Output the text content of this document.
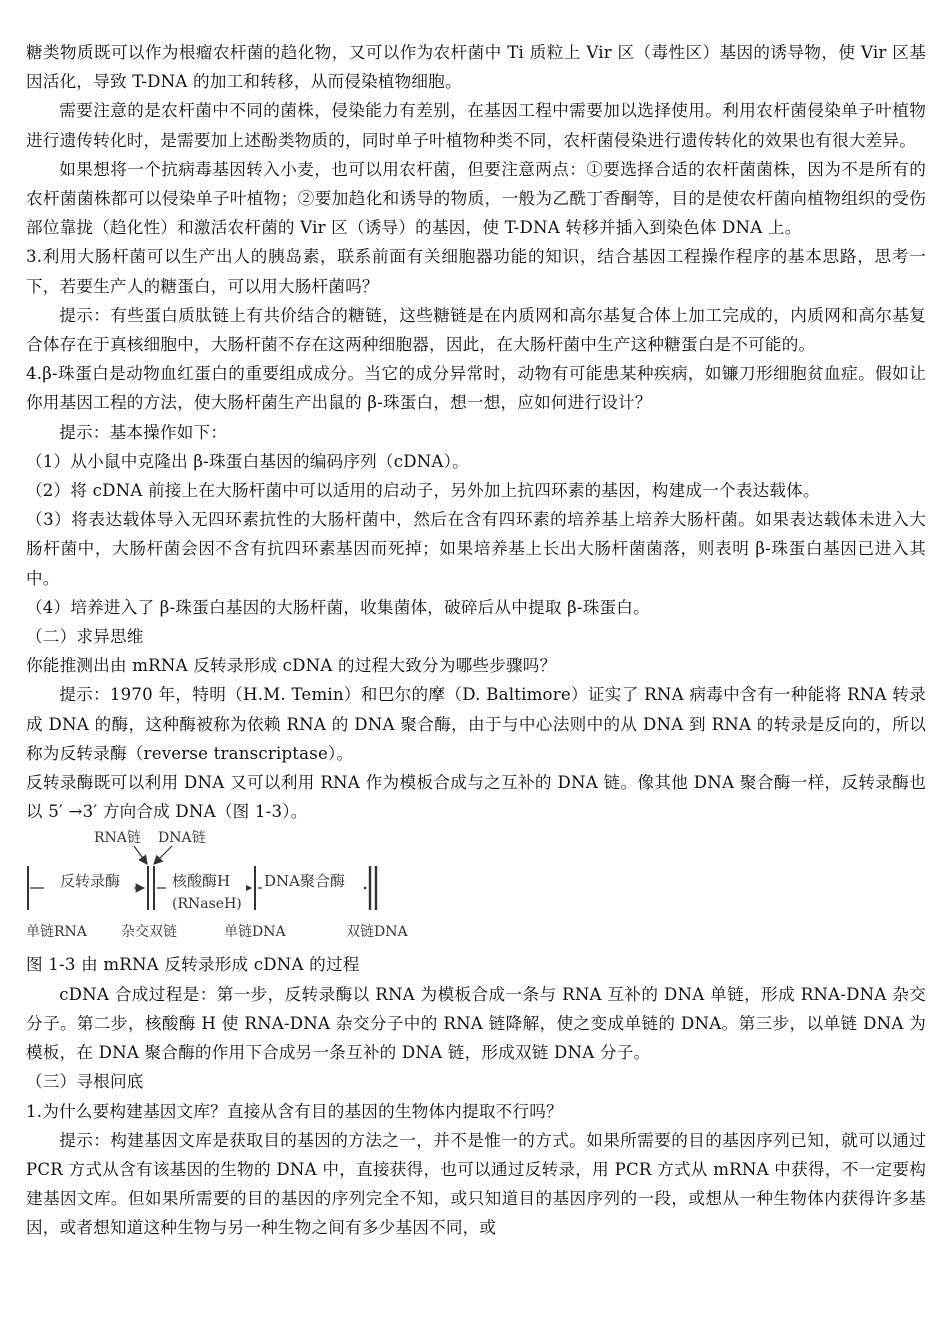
糖类物质既可以作为根瘤农杆菌的趋化物，又可以作为农杆菌中 Ti 质粒上 Vir 区（毒性区）基因的诱导物，使 Vir 区基因活化，导致 T-DNA 的加工和转移，从而侵染植物细胞。

需要注意的是农杆菌中不同的菌株，侵染能力有差别，在基因工程中需要加以选择使用。利用农杆菌侵染单子叶植物进行遗传转化时，是需要加上述酚类物质的，同时单子叶植物种类不同，农杆菌侵染进行遗传转化的效果也有很大差异。

如果想将一个抗病毒基因转入小麦，也可以用农杆菌，但要注意两点：①要选择合适的农杆菌菌株，因为不是所有的农杆菌菌株都可以侵染单子叶植物；②要加趋化和诱导的物质，一般为乙酰丁香酮等，目的是使农杆菌向植物组织的受伤部位靠拢（趋化性）和激活农杆菌的 Vir 区（诱导）的基因，使 T-DNA 转移并插入到染色体 DNA 上。

3.利用大肠杆菌可以生产出人的胰岛素，联系前面有关细胞器功能的知识，结合基因工程操作程序的基本思路，思考一下，若要生产人的糖蛋白，可以用大肠杆菌吗？

提示：有些蛋白质肽链上有共价结合的糖链，这些糖链是在内质网和高尔基复合体上加工完成的，内质网和高尔基复合体存在于真核细胞中，大肠杆菌不存在这两种细胞器，因此，在大肠杆菌中生产这种糖蛋白是不可能的。

4.β-珠蛋白是动物血红蛋白的重要组成成分。当它的成分异常时，动物有可能患某种疾病，如镰刀形细胞贫血症。假如让你用基因工程的方法，使大肠杆菌生产出鼠的 β-珠蛋白，想一想，应如何进行设计？

提示：基本操作如下：

（1）从小鼠中克隆出 β-珠蛋白基因的编码序列（cDNA）。

（2）将 cDNA 前接上在大肠杆菌中可以适用的启动子，另外加上抗四环素的基因，构建成一个表达载体。

（3）将表达载体导入无四环素抗性的大肠杆菌中，然后在含有四环素的培养基上培养大肠杆菌。如果表达载体未进入大肠杆菌中，大肠杆菌会因不含有抗四环素基因而死掉；如果培养基上长出大肠杆菌菌落，则表明 β-珠蛋白基因已进入其中。

（4）培养进入了 β-珠蛋白基因的大肠杆菌，收集菌体，破碎后从中提取 β-珠蛋白。

（二）求异思维

你能推测出由 mRNA 反转录形成 cDNA 的过程大致分为哪些步骤吗？

提示：1970 年，特明（H.M. Temin）和巴尔的摩（D. Baltimore）证实了 RNA 病毒中含有一种能将 RNA 转录成 DNA 的酶，这种酶被称为依赖 RNA 的 DNA 聚合酶，由于与中心法则中的从 DNA 到 RNA 的转录是反向的，所以称为反转录酶（reverse transcriptase）。

反转录酶既可以利用 DNA 又可以利用 RNA 作为模板合成与之互补的 DNA 链。像其他 DNA 聚合酶一样，反转录酶也以 5′ →3′ 方向合成 DNA（图 1-3）。

RNA链 DNA链
反转录酶	核酸酶H
(RNaseH)
DNA聚合酶
单链RNA 杂交双链	单链DNA	双链DNA

图 1-3 由 mRNA 反转录形成 cDNA 的过程

cDNA 合成过程是：第一步，反转录酶以 RNA 为模板合成一条与 RNA 互补的 DNA 单链，形成 RNA-DNA 杂交分子。第二步，核酸酶 H 使 RNA-DNA 杂交分子中的 RNA 链降解，使之变成单链的 DNA。第三步，以单链 DNA 为模板，在 DNA 聚合酶的作用下合成另一条互补的 DNA 链，形成双链 DNA 分子。

（三）寻根问底

1.为什么要构建基因文库？直接从含有目的基因的生物体内提取不行吗？

提示：构建基因文库是获取目的基因的方法之一，并不是惟一的方式。如果所需要的目的基因序列已知，就可以通过 PCR 方式从含有该基因的生物的 DNA 中，直接获得，也可以通过反转录，用 PCR 方式从 mRNA 中获得，不一定要构建基因文库。但如果所需要的目的基因的序列完全不知，或只知道目的基因序列的一段，或想从一种生物体内获得许多基因，或者想知道这种生物与另一种生物之间有多少基因不同，或
